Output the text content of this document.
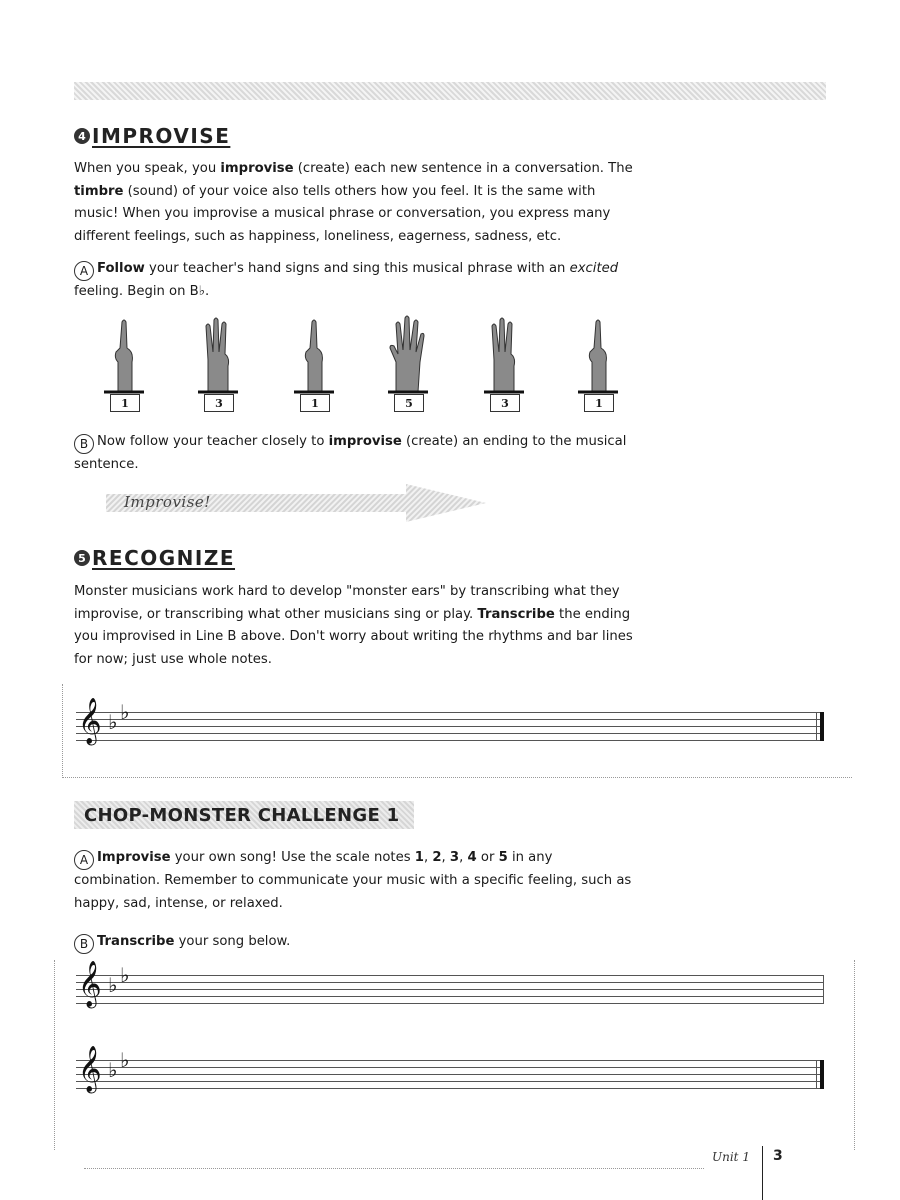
4 IMPROVISE
When you speak, you improvise (create) each new sentence in a conversation. The timbre (sound) of your voice also tells others how you feel. It is the same with music! When you improvise a musical phrase or conversation, you express many different feelings, such as happiness, loneliness, eagerness, sadness, etc.
A Follow your teacher's hand signs and sing this musical phrase with an excited feeling. Begin on B♭.
1	3	1	5	3	1
B Now follow your teacher closely to improvise (create) an ending to the musical sentence.
Improvise!
5 RECOGNIZE
Monster musicians work hard to develop "monster ears" by transcribing what they improvise, or transcribing what other musicians sing or play. Transcribe the ending you improvised in Line B above. Don't worry about writing the rhythms and bar lines for now; just use whole notes.
𝄞 ♭
♭
CHOP-MONSTER CHALLENGE 1
A Improvise your own song! Use the scale notes 1, 2, 3, 4 or 5 in any combination. Remember to communicate your music with a specific feeling, such as happy, sad, intense, or relaxed.
B Transcribe your song below.
𝄞 ♭
♭
𝄞 ♭
♭
Unit 1 3
